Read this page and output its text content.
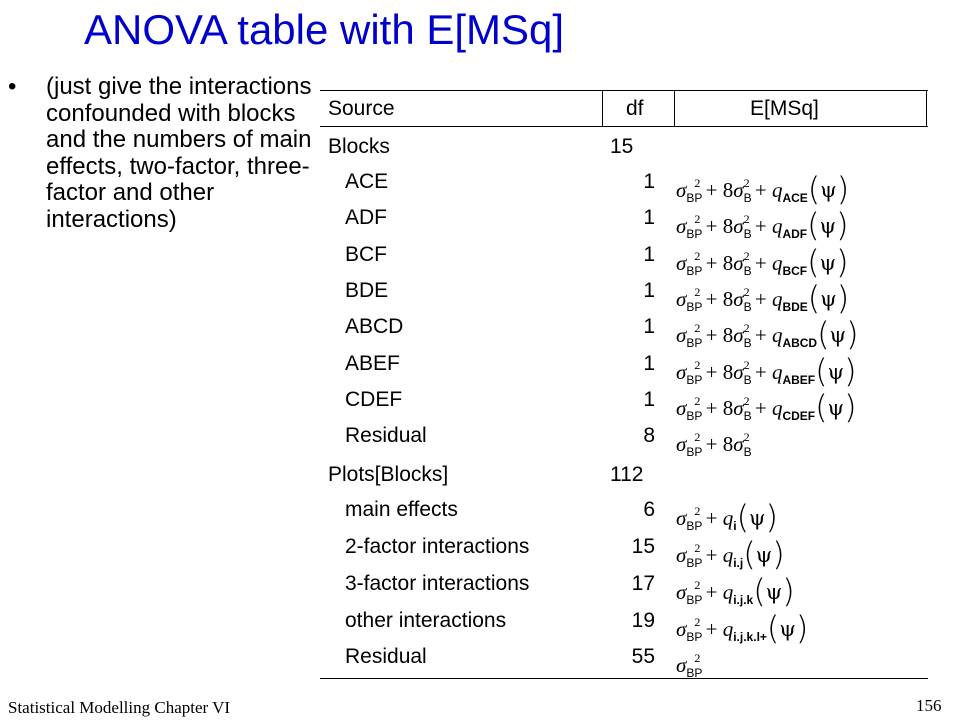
ANOVA table with E[MSq]
• (just give the interactions confounded with blocks and the numbers of main effects, two-factor, three-factor and other interactions)
Source	df	E[MSq]
Blocks	15
ACE	1 $\sigma_{BP}^2 + 8\sigma_B^2 + q_{ACE}(\psi)$
ADF	1 $\sigma_{BP}^2 + 8\sigma_B^2 + q_{ADF}(\psi)$
BCF	1 $\sigma_{BP}^2 + 8\sigma_B^2 + q_{BCF}(\psi)$
BDE	1 $\sigma_{BP}^2 + 8\sigma_B^2 + q_{BDE}(\psi)$
ABCD	1 $\sigma_{BP}^2 + 8\sigma_B^2 + q_{ABCD}(\psi)$
ABEF	1 $\sigma_{BP}^2 + 8\sigma_B^2 + q_{ABEF}(\psi)$
CDEF	1 $\sigma_{BP}^2 + 8\sigma_B^2 + q_{CDEF}(\psi)$
Residual	8 $\sigma_{BP}^2 + 8\sigma_B^2$
Plots[Blocks]	112
main effects	6 $\sigma_{BP}^2 + q_i(\psi)$
2-factor interactions	15 $\sigma_{BP}^2 + q_{i.j}(\psi)$
3-factor interactions	17 $\sigma_{BP}^2 + q_{i.j.k}(\psi)$
other interactions	19 $\sigma_{BP}^2 + q_{i.j.k.l+}(\psi)$
Residual	55 $\sigma_{BP}^2$
Statistical Modelling Chapter VI	156
